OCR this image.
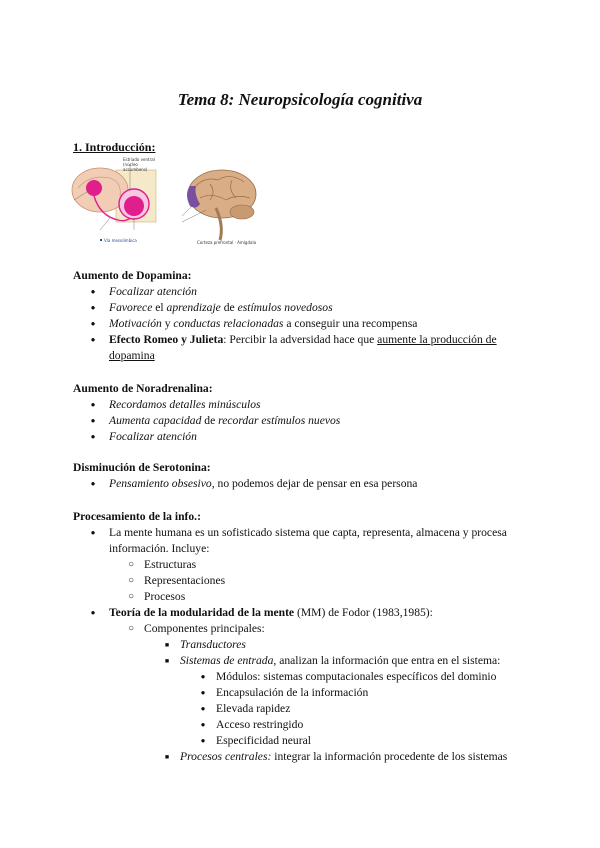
Tema 8: Neuropsicología cognitiva
1. Introducción:
Estriado ventral (núcleo accumbens)
Vía mesolímbica	Corteza prefrontal · Amígdala
Aumento de Dopamina:
●	Focalizar atención
●	Favorece el aprendizaje de estímulos novedosos
●	Motivación y conductas relacionadas a conseguir una recompensa
●	Efecto Romeo y Julieta: Percibir la adversidad hace que aumente la producción de dopamina
Aumento de Noradrenalina:
●	Recordamos detalles minúsculos
●	Aumenta capacidad de recordar estímulos nuevos
●	Focalizar atención
Disminución de Serotonina:
●	Pensamiento obsesivo, no podemos dejar de pensar en esa persona
Procesamiento de la info.:
●	La mente humana es un sofisticado sistema que capta, representa, almacena y procesa información. Incluye:
○ Estructuras
○ Representaciones
○ Procesos
●	Teoría de la modularidad de la mente (MM) de Fodor (1983,1985):
○ Componentes principales:
■ Transductores
■ Sistemas de entrada, analizan la información que entra en el sistema:
● Módulos: sistemas computacionales específicos del dominio
● Encapsulación de la información
● Elevada rapidez
● Acceso restringido
● Especificidad neural
■ Procesos centrales: integrar la información procedente de los sistemas
